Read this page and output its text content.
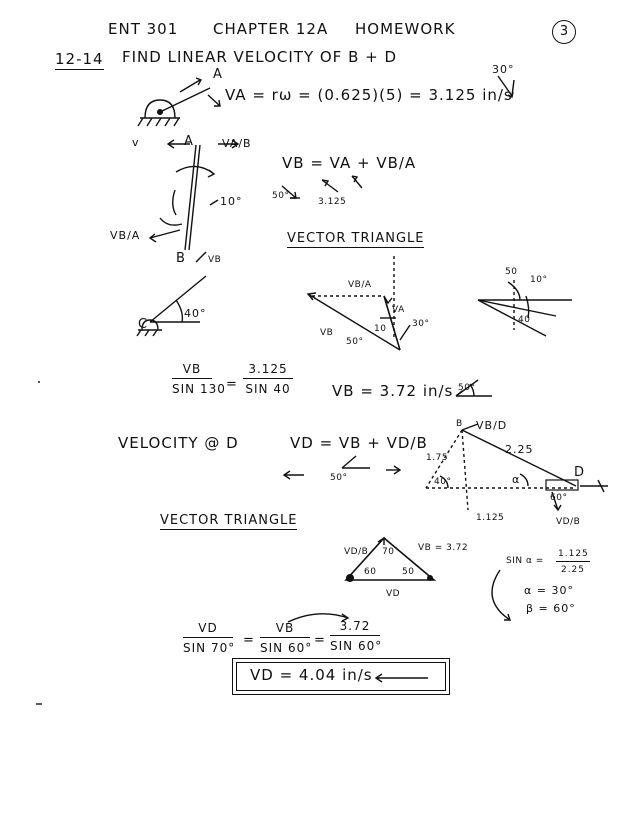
ENT 301 CHAPTER 12A HOMEWORK	3
12-14 FIND LINEAR VELOCITY OF B + D
A
VA = rω = (0.625)(5) = 3.125 in/s
30°
v	A	VA/B
10°
VB/A
B VB
C
40°
VB = VA + VB/A
50°
3.125
VECTOR TRIANGLE
VB/A
VA
VB	10	30°
50°
50
10°
40
VB
SIN 130 =
3.125
SIN 40	VB = 3.72 in/s 50°
VELOCITY @ D	VD = VB + VD/B
50°
B VB/D
2.25
1.75
40°	α	D
60°
VD/B
1.125
VECTOR TRIANGLE
VD/B 70	VB = 3.72
60	50
VD
SIN $\alpha = \frac{1.125}{2.25}$
α = 30°
β = 60°
VD
SIN 70° =
VB
SIN 60° =
3.72
SIN 60°
VD = 4.04 in/s
